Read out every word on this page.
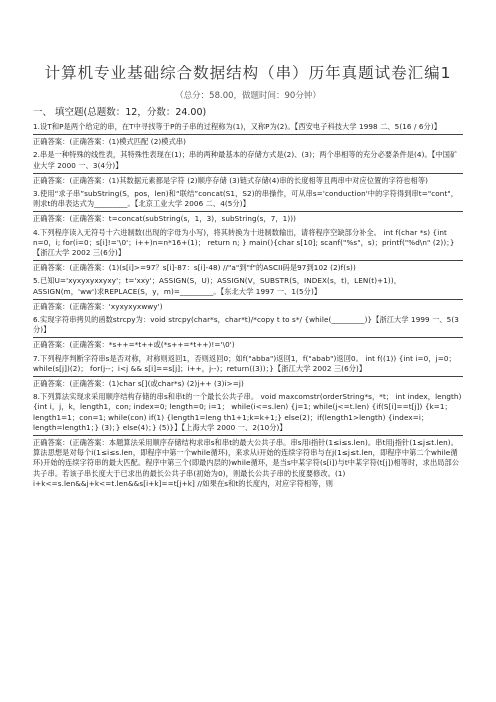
计算机专业基础综合数据结构（串）历年真题试卷汇编1
（总分：58.00，做题时间：90分钟）
一、 填空题(总题数：12，分数：24.00)
1.设T和P是两个给定的串，在T中寻找等于P的子串的过程称为(1)，又称P为(2)。【西安电子科技大学 1998 二、5(16 / 6分)】
正确答案：(正确答案：(1)模式匹配 (2)模式串)
2.串是一种特殊的线性表，其特殊性表现在(1)；串的两种最基本的存储方式是(2)、(3)；两个串相等的充分必要条件是(4)。【中国矿业大学 2000 一、3(4分)】
正确答案：(正确答案：(1)其数据元素都是字符 (2)顺序存储 (3)链式存储(4)串的长度相等且两串中对应位置的字符也相等)
3.使用“求子串”subString(S，pos，len)和“联结”concat(S1，S2)的串操作，可从串s='conduction'中的字符得到串t="cont"，则求t的串表达式为_________。【北京工业大学 2006 二、4(5分)】
正确答案：(正确答案：t=concat(subString(s，1，3)，subString(s，7，1)))
4.下列程序读入无符号十六进制数(出现的字母为小写)，将其转换为十进制数输出，请将程序空缺部分补全。 int f(char *s) {int n=0，i; for(i=0；s[i]!='\0'；i++)n=n*16+(1)； return n; } main(){char s[10]; scanf("%s"，s)；printf("%d\n" (2))；}【浙江大学 2002 三(6分)】
正确答案：(正确答案：(1)(s[i]>=97？s[i]-87：s[i]-48) //"a"到"f"的ASCII码是97到102 (2)f(s))
5.已知U='xyxyxyxxyxy'；t='xxy'；ASSIGN(S，U)；ASSIGN(V，SUBSTR(S，INDEX(s，t)，LEN(t)+1))，ASSIGN(m，'ww')求REPLACE(S，y，m)=_________。【东北大学 1997 一、1(5分)】
正确答案：(正确答案：'xyxyxyxwwy')
6.实现字符串拷贝的函数strcpy为：void strcpy(char*s，char*t)/*copy t to s*/ {while(_________)}【浙江大学 1999 一、5(3分)】
正确答案：(正确答案：*s++=*t++或(*s++=*t++)!='\0')
7.下列程序判断字符串s是否对称，对称则返回1，否则返回0；如f("abba")返回1，f("abab")返回0。 int f((1)) {int i=0，j=0； while(s[j])(2)； for(j--；i<j && s[i]==s[j]；i++，j--)；return((3))；}【浙江大学 2002 三(6分)】
正确答案：(正确答案：(1)char s[](或char*s) (2)j++ (3)i>=j)
8.下列算法实现求采用顺序结构存储的串s和串t的一个最长公共子串。 void maxcomstr(orderString*s，*t； int index，length) {int i，j，k，length1，con; index=0; length=0; i=1； while(i<=s.len) {j=1; while(j<=t.len) {if(S[i]==t[j]) {k=1；length1=1；con=1; while(con) if(1) {length1=leng th1+1;k=k+1;} else(2)；if(length1>length) {index=i； length=length1；} (3)；} else(4)；} (5)}】【上海大学 2000 一、2(10分)】
正确答案：(正确答案：本题算法采用顺序存储结构求串s和串t的最大公共子串。串s用i指针(1≤i≤s.len)。串t用j指针(1≤j≤t.len)。算法思想是对每个i(1≤i≤s.len，即程序中第一个while循环)，来求从i开始的连续字符串与在j(1≤j≤t.len，即程序中第二个while循环)开始的连续字符串的最大匹配。程序中第三个(即最内层的)while循环，是当s中某字符(s[i])与t中某字符(t[j])相等时，求出局部公共子串。若该子串长度大于已求出的最长公共子串(初始为0)，则最长公共子串的长度要修改。(1) i+k<=s.len&&j+k<=t.len&&s[i+k]==t[j+k] //如果在s和t的长度内，对应字符相等，则
